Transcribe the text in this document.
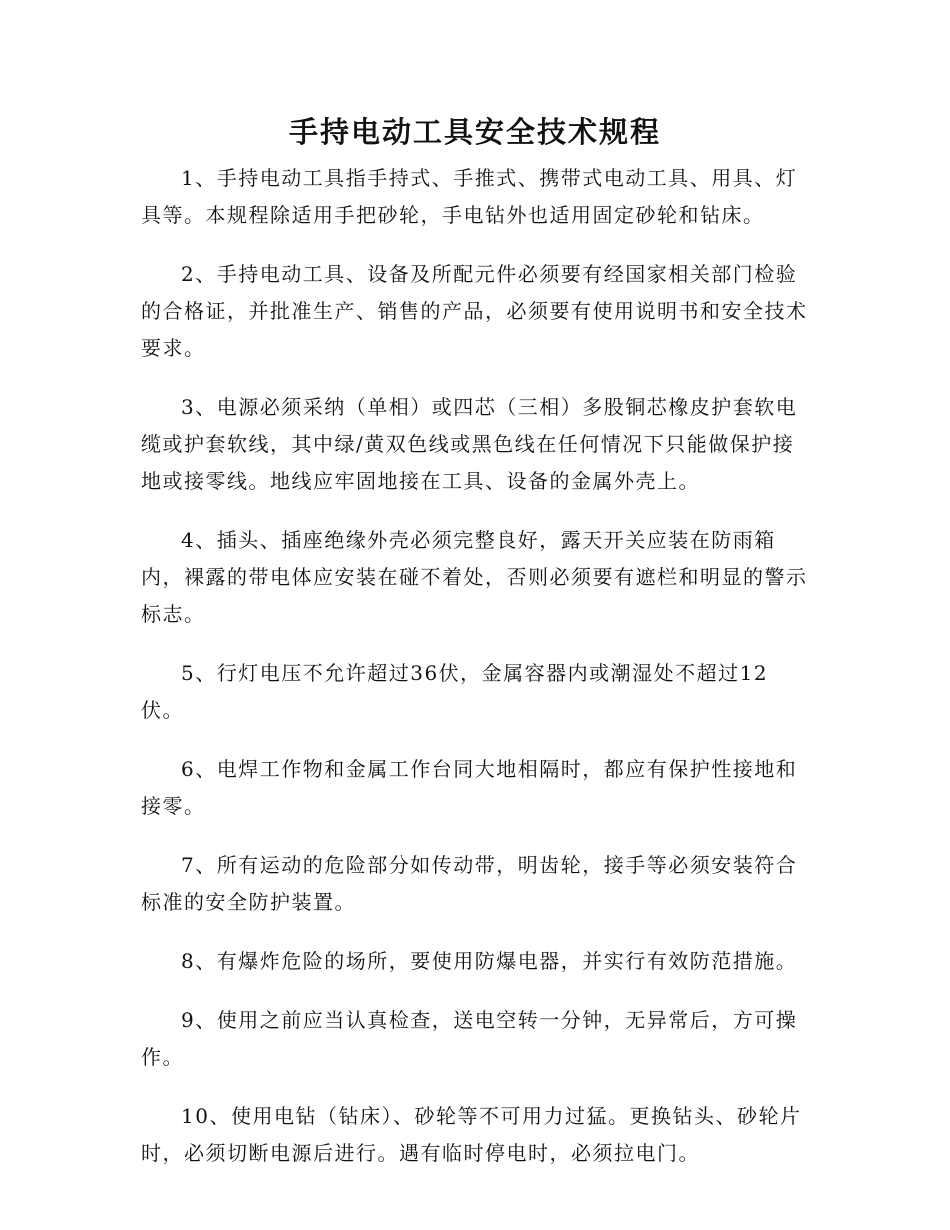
手持电动工具安全技术规程

1、手持电动工具指手持式、手推式、携带式电动工具、用具、灯具等。本规程除适用手把砂轮，手电钻外也适用固定砂轮和钻床。

2、手持电动工具、设备及所配元件必须要有经国家相关部门检验的合格证，并批准生产、销售的产品，必须要有使用说明书和安全技术要求。

3、电源必须采纳（单相）或四芯（三相）多股铜芯橡皮护套软电缆或护套软线，其中绿/黄双色线或黑色线在任何情况下只能做保护接地或接零线。地线应牢固地接在工具、设备的金属外壳上。

4、插头、插座绝缘外壳必须完整良好，露天开关应装在防雨箱内，裸露的带电体应安装在碰不着处，否则必须要有遮栏和明显的警示标志。

5、行灯电压不允许超过36伏，金属容器内或潮湿处不超过12伏。

6、电焊工作物和金属工作台同大地相隔时，都应有保护性接地和接零。

7、所有运动的危险部分如传动带，明齿轮，接手等必须安装符合标准的安全防护装置。

8、有爆炸危险的场所，要使用防爆电器，并实行有效防范措施。

9、使用之前应当认真检查，送电空转一分钟，无异常后，方可操作。

10、使用电钻（钻床）、砂轮等不可用力过猛。更换钻头、砂轮片时，必须切断电源后进行。遇有临时停电时，必须拉电门。
